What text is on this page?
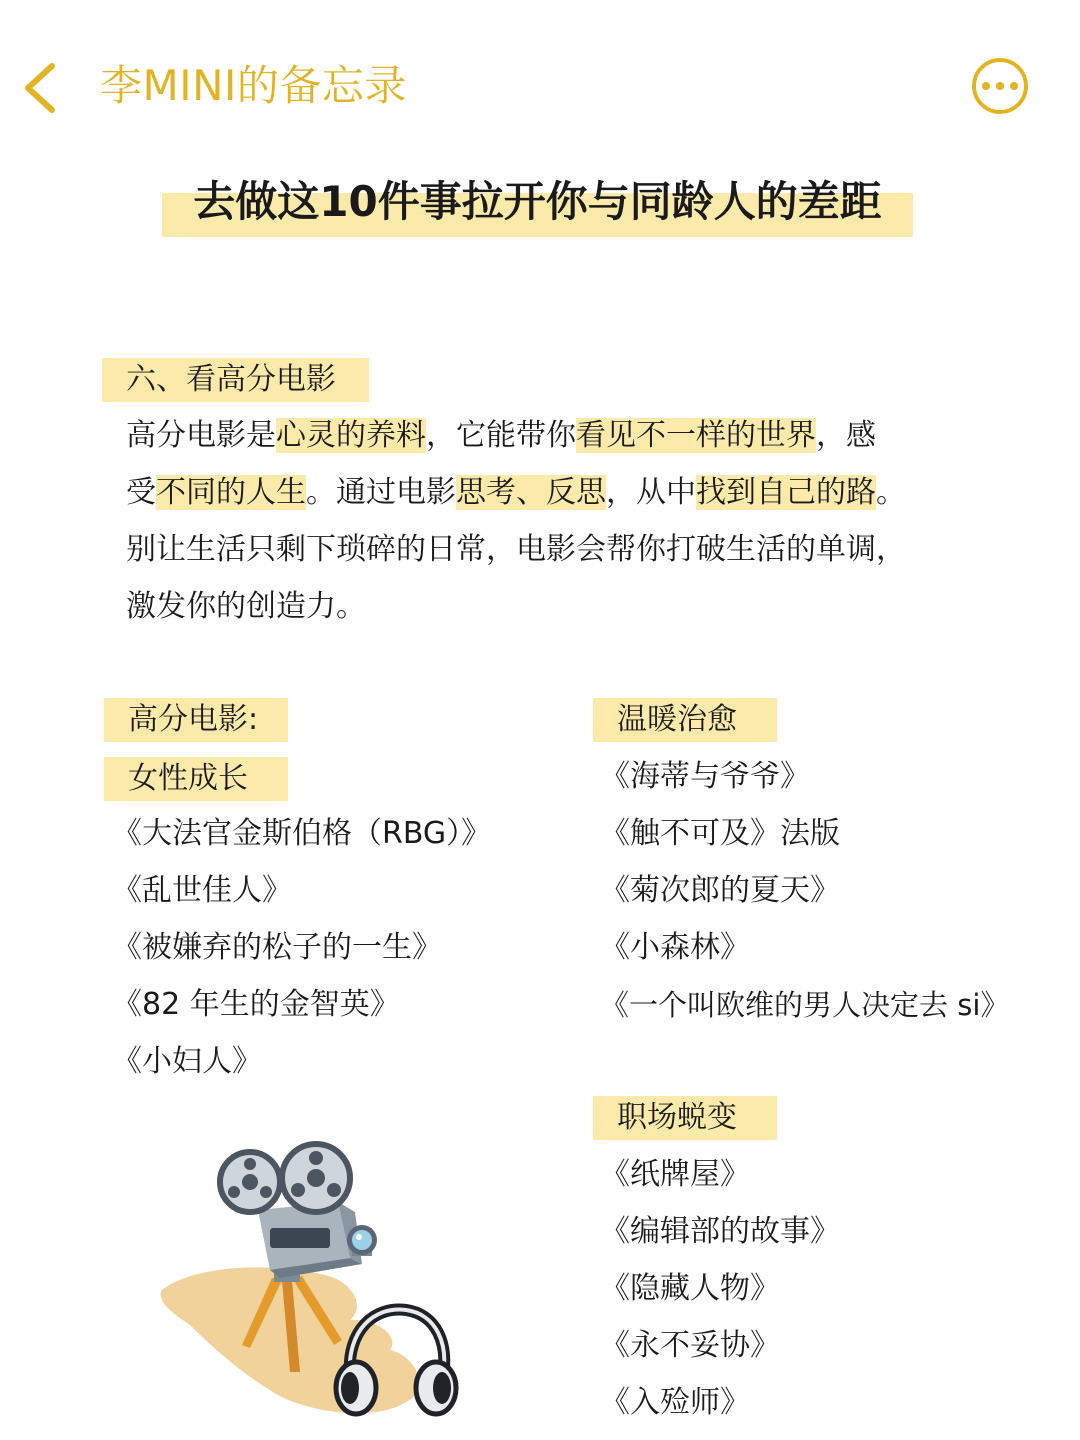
李MINI的备忘录
去做这10件事拉开你与同龄人的差距
六、看高分电影
高分电影是心灵的养料，它能带你看见不一样的世界，感
受不同的人生。通过电影思考、反思，从中找到自己的路。
别让生活只剩下琐碎的日常，电影会帮你打破生活的单调，
激发你的创造力。
高分电影:
女性成长
《大法官金斯伯格（RBG）》
《乱世佳人》
《被嫌弃的松子的一生》
《82 年生的金智英》
《小妇人》
温暖治愈
《海蒂与爷爷》
《触不可及》法版
《菊次郎的夏天》
《小森林》
《一个叫欧维的男人决定去 si》
职场蜕变
《纸牌屋》
《编辑部的故事》
《隐藏人物》
《永不妥协》
《入殓师》
